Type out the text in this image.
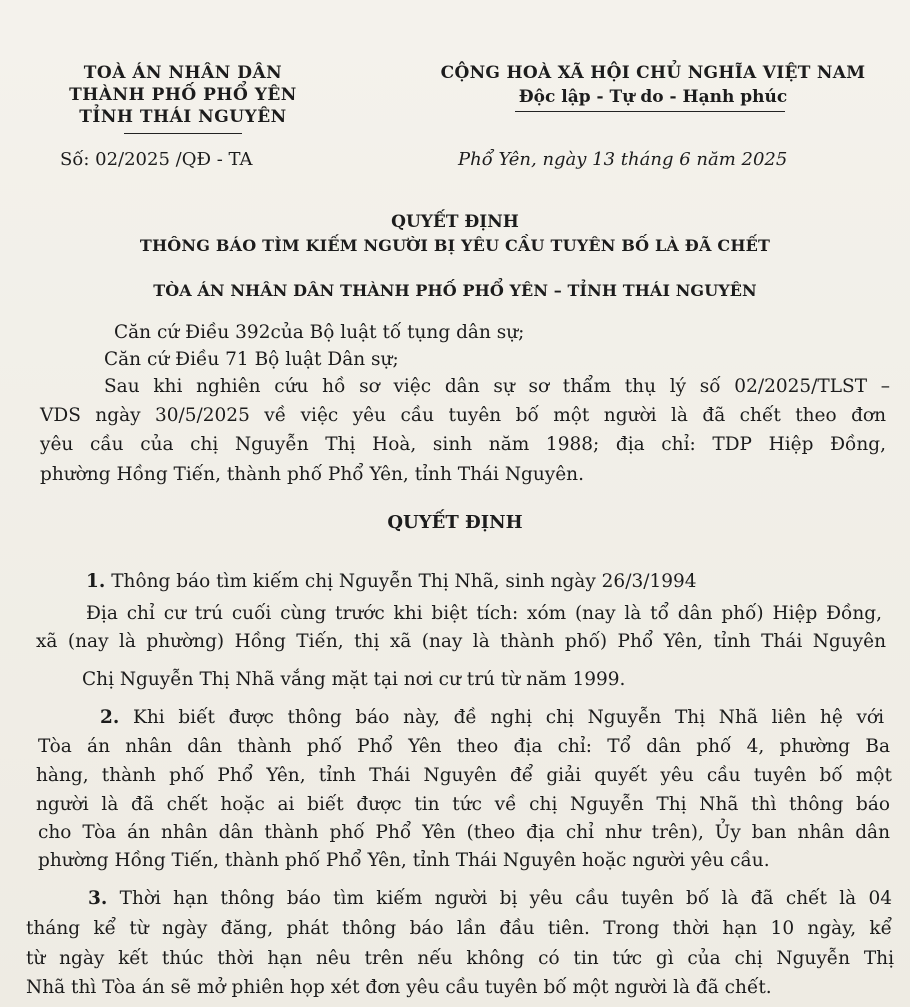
TOÀ ÁN NHÂN DÂN
THÀNH PHỐ PHỔ YÊN
TỈNH THÁI NGUYÊN
CỘNG HOÀ XÃ HỘI CHỦ NGHĨA VIỆT NAM
Độc lập - Tự do - Hạnh phúc
Số: 02/2025 /QĐ - TA	Phổ Yên, ngày 13 tháng 6 năm 2025
QUYẾT ĐỊNH
THÔNG BÁO TÌM KIẾM NGƯỜI BỊ YÊU CẦU TUYÊN BỐ LÀ ĐÃ CHẾT
TÒA ÁN NHÂN DÂN THÀNH PHỐ PHỔ YÊN – TỈNH THÁI NGUYÊN
Căn cứ Điều 392của Bộ luật tố tụng dân sự;
Căn cứ Điều 71 Bộ luật Dân sự;
Sau khi nghiên cứu hồ sơ việc dân sự sơ thẩm thụ lý số 02/2025/TLST –
VDS ngày 30/5/2025 về việc yêu cầu tuyên bố một người là đã chết theo đơn
yêu cầu của chị Nguyễn Thị Hoà, sinh năm 1988; địa chỉ: TDP Hiệp Đồng,
phường Hồng Tiến, thành phố Phổ Yên, tỉnh Thái Nguyên.
QUYẾT ĐỊNH
1. Thông báo tìm kiếm chị Nguyễn Thị Nhã, sinh ngày 26/3/1994
Địa chỉ cư trú cuối cùng trước khi biệt tích: xóm (nay là tổ dân phố) Hiệp Đồng,
xã (nay là phường) Hồng Tiến, thị xã (nay là thành phố) Phổ Yên, tỉnh Thái Nguyên
Chị Nguyễn Thị Nhã vắng mặt tại nơi cư trú từ năm 1999.
2. Khi biết được thông báo này, đề nghị chị Nguyễn Thị Nhã liên hệ với
Tòa án nhân dân thành phố Phổ Yên theo địa chỉ: Tổ dân phố 4, phường Ba
hàng, thành phố Phổ Yên, tỉnh Thái Nguyên để giải quyết yêu cầu tuyên bố một
người là đã chết hoặc ai biết được tin tức về chị Nguyễn Thị Nhã thì thông báo
cho Tòa án nhân dân thành phố Phổ Yên (theo địa chỉ như trên), Ủy ban nhân dân
phường Hồng Tiến, thành phố Phổ Yên, tỉnh Thái Nguyên hoặc người yêu cầu.
3. Thời hạn thông báo tìm kiếm người bị yêu cầu tuyên bố là đã chết là 04
tháng kể từ ngày đăng, phát thông báo lần đầu tiên. Trong thời hạn 10 ngày, kể
từ ngày kết thúc thời hạn nêu trên nếu không có tin tức gì của chị Nguyễn Thị
Nhã thì Tòa án sẽ mở phiên họp xét đơn yêu cầu tuyên bố một người là đã chết.
